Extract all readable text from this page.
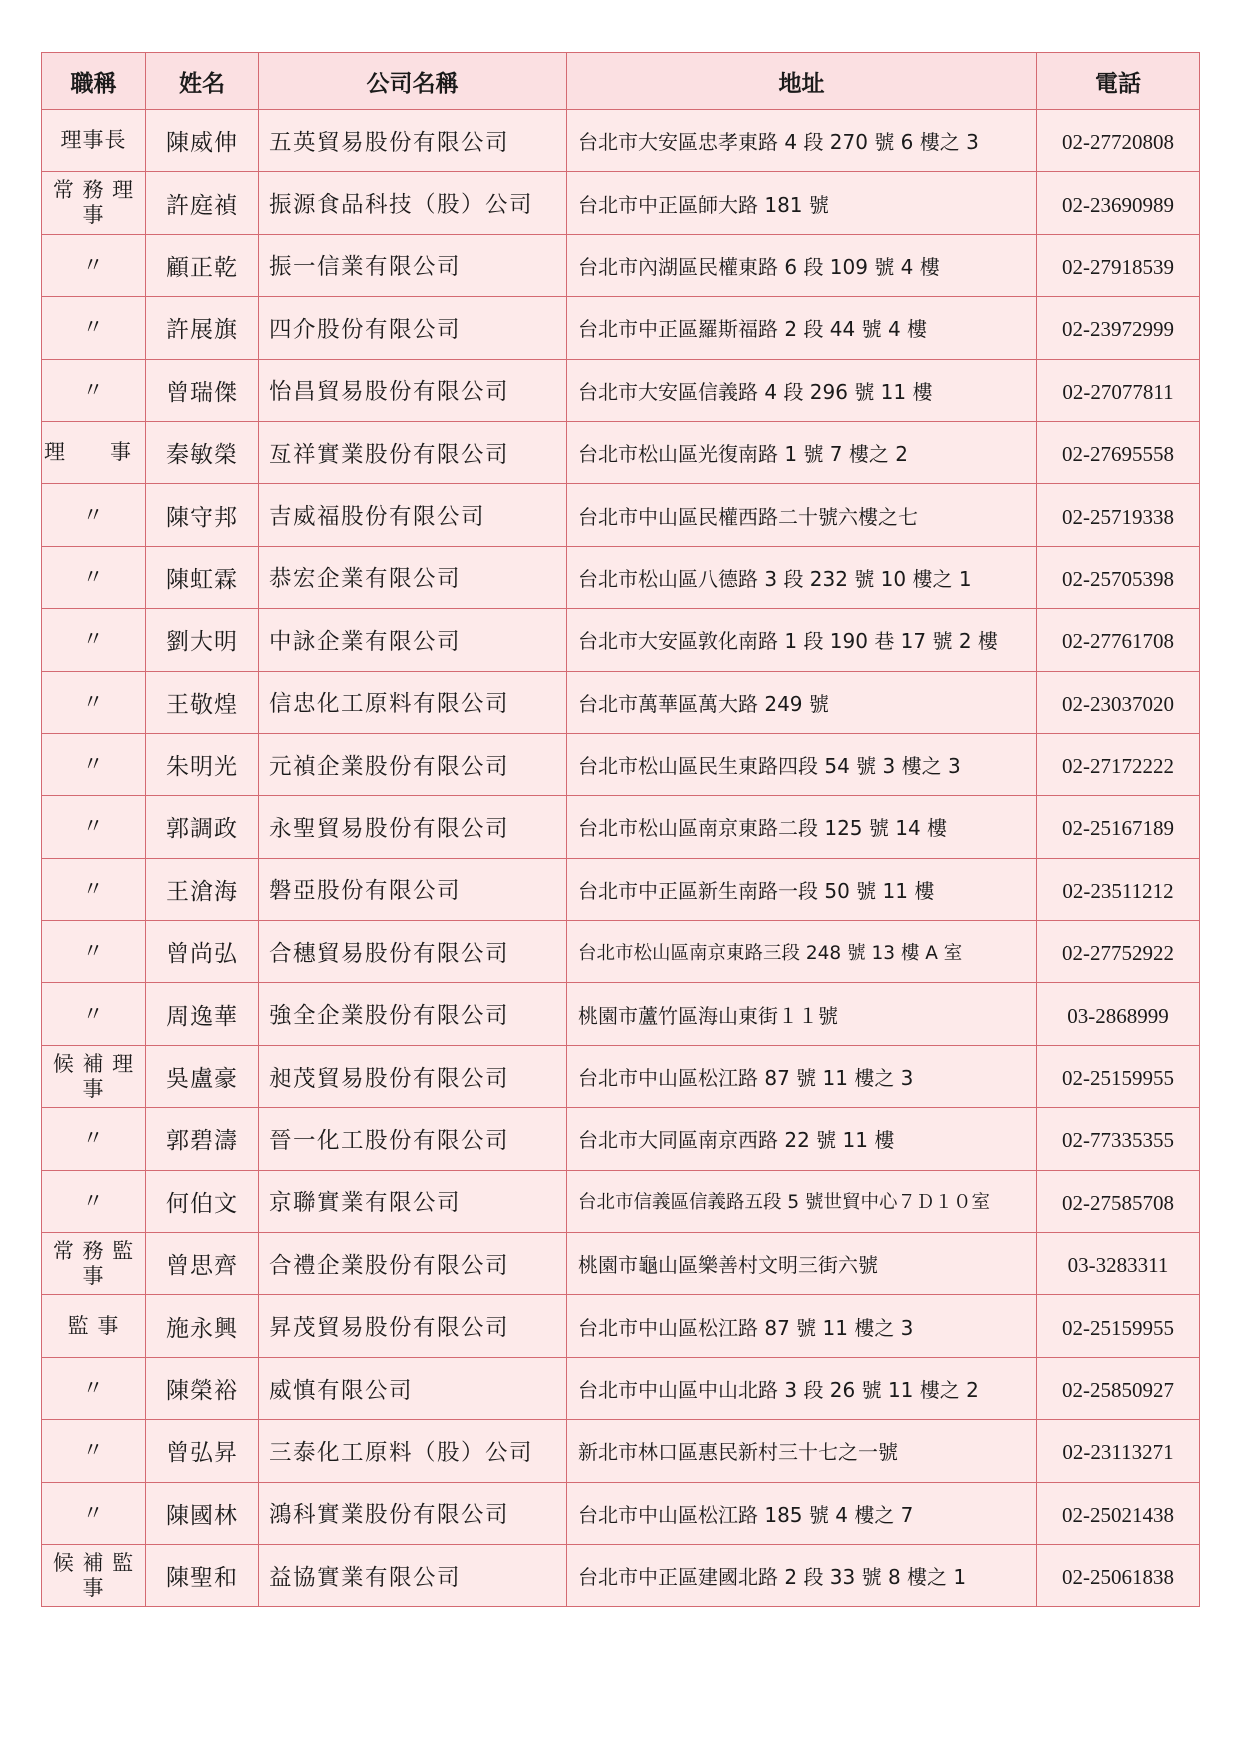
職稱	姓名	公司名稱	地址	電話
理事長	陳威伸	五英貿易股份有限公司	台北市大安區忠孝東路 4 段 270 號 6 樓之 3	02-27720808
常 務 理 事	許庭禎	振源食品科技（股）公司	台北市中正區師大路 181 號	02-23690989
〃	顧正乾	振一信業有限公司	台北市內湖區民權東路 6 段 109 號 4 樓	02-27918539
〃	許展旗	四介股份有限公司	台北市中正區羅斯福路 2 段 44 號 4 樓	02-23972999
〃	曾瑞傑	怡昌貿易股份有限公司	台北市大安區信義路 4 段 296 號 11 樓	02-27077811
理　事	秦敏榮	亙祥實業股份有限公司	台北市松山區光復南路 1 號 7 樓之 2	02-27695558
〃	陳守邦	吉威福股份有限公司	台北市中山區民權西路二十號六樓之七	02-25719338
〃	陳虹霖	恭宏企業有限公司	台北市松山區八德路 3 段 232 號 10 樓之 1	02-25705398
〃	劉大明	中詠企業有限公司	台北市大安區敦化南路 1 段 190 巷 17 號 2 樓	02-27761708
〃	王敬煌	信忠化工原料有限公司	台北市萬華區萬大路 249 號	02-23037020
〃	朱明光	元禎企業股份有限公司	台北市松山區民生東路四段 54 號 3 樓之 3	02-27172222
〃	郭調政	永聖貿易股份有限公司	台北市松山區南京東路二段 125 號 14 樓	02-25167189
〃	王滄海	磐亞股份有限公司	台北市中正區新生南路一段 50 號 11 樓	02-23511212
〃	曾尚弘	合穗貿易股份有限公司	台北市松山區南京東路三段 248 號 13 樓 A 室	02-27752922
〃	周逸華	強全企業股份有限公司	桃園市蘆竹區海山東街１１號	03-2868999
候 補 理 事	吳盧豪	昶茂貿易股份有限公司	台北市中山區松江路 87 號 11 樓之 3	02-25159955
〃	郭碧濤	晉一化工股份有限公司	台北市大同區南京西路 22 號 11 樓	02-77335355
〃	何伯文	京聯實業有限公司	台北市信義區信義路五段 5 號世貿中心７Ｄ１０室	02-27585708
常 務 監 事	曾思齊	合禮企業股份有限公司	桃園市龜山區樂善村文明三街六號	03-3283311
監 事	施永興	昇茂貿易股份有限公司	台北市中山區松江路 87 號 11 樓之 3	02-25159955
〃	陳榮裕	威慎有限公司	台北市中山區中山北路 3 段 26 號 11 樓之 2	02-25850927
〃	曾弘昇	三泰化工原料（股）公司	新北市林口區惠民新村三十七之一號	02-23113271
〃	陳國林	鴻科實業股份有限公司	台北市中山區松江路 185 號 4 樓之 7	02-25021438
候 補 監 事	陳聖和	益協實業有限公司	台北市中正區建國北路 2 段 33 號 8 樓之 1	02-25061838
